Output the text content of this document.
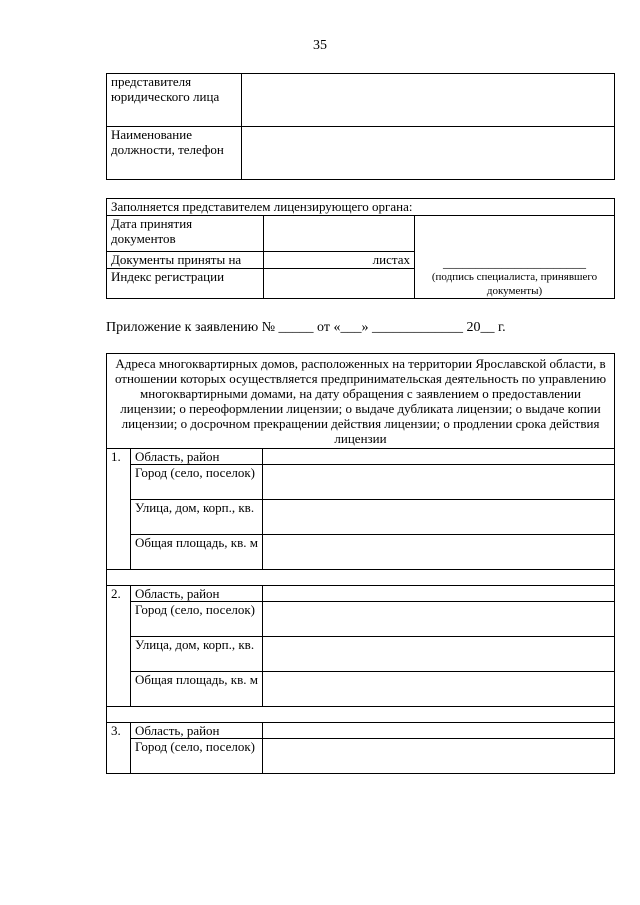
35
представителя юридического лица	
Наименование должности, телефон	
Заполняется представителем лицензирующего органа:		
Дата принятия документов		______________________
(подпись специалиста, принявшего документы)

Документы приняты на	листах	
Индекс регистрации		
Приложение к заявлению № _____ от «___» _____________ 20__ г.
Адреса многоквартирных домов, расположенных на территории Ярославской области, в отношении которых осуществляется предпринимательская деятельность по управлению многоквартирными домами, на дату обращения с заявлением о предоставлении лицензии; о переоформлении лицензии; о выдаче дубликата лицензии; о выдаче копии лицензии; о досрочном прекращении действия лицензии; о продлении срока действия лицензии		
1.	Область, район	
	Город (село, поселок)	
	Улица, дом, корп., кв.	
	Общая площадь, кв. м	

2.	Область, район	
	Город (село, поселок)	
	Улица, дом, корп., кв.	
	Общая площадь, кв. м	

3.	Область, район	
	Город (село, поселок)	
